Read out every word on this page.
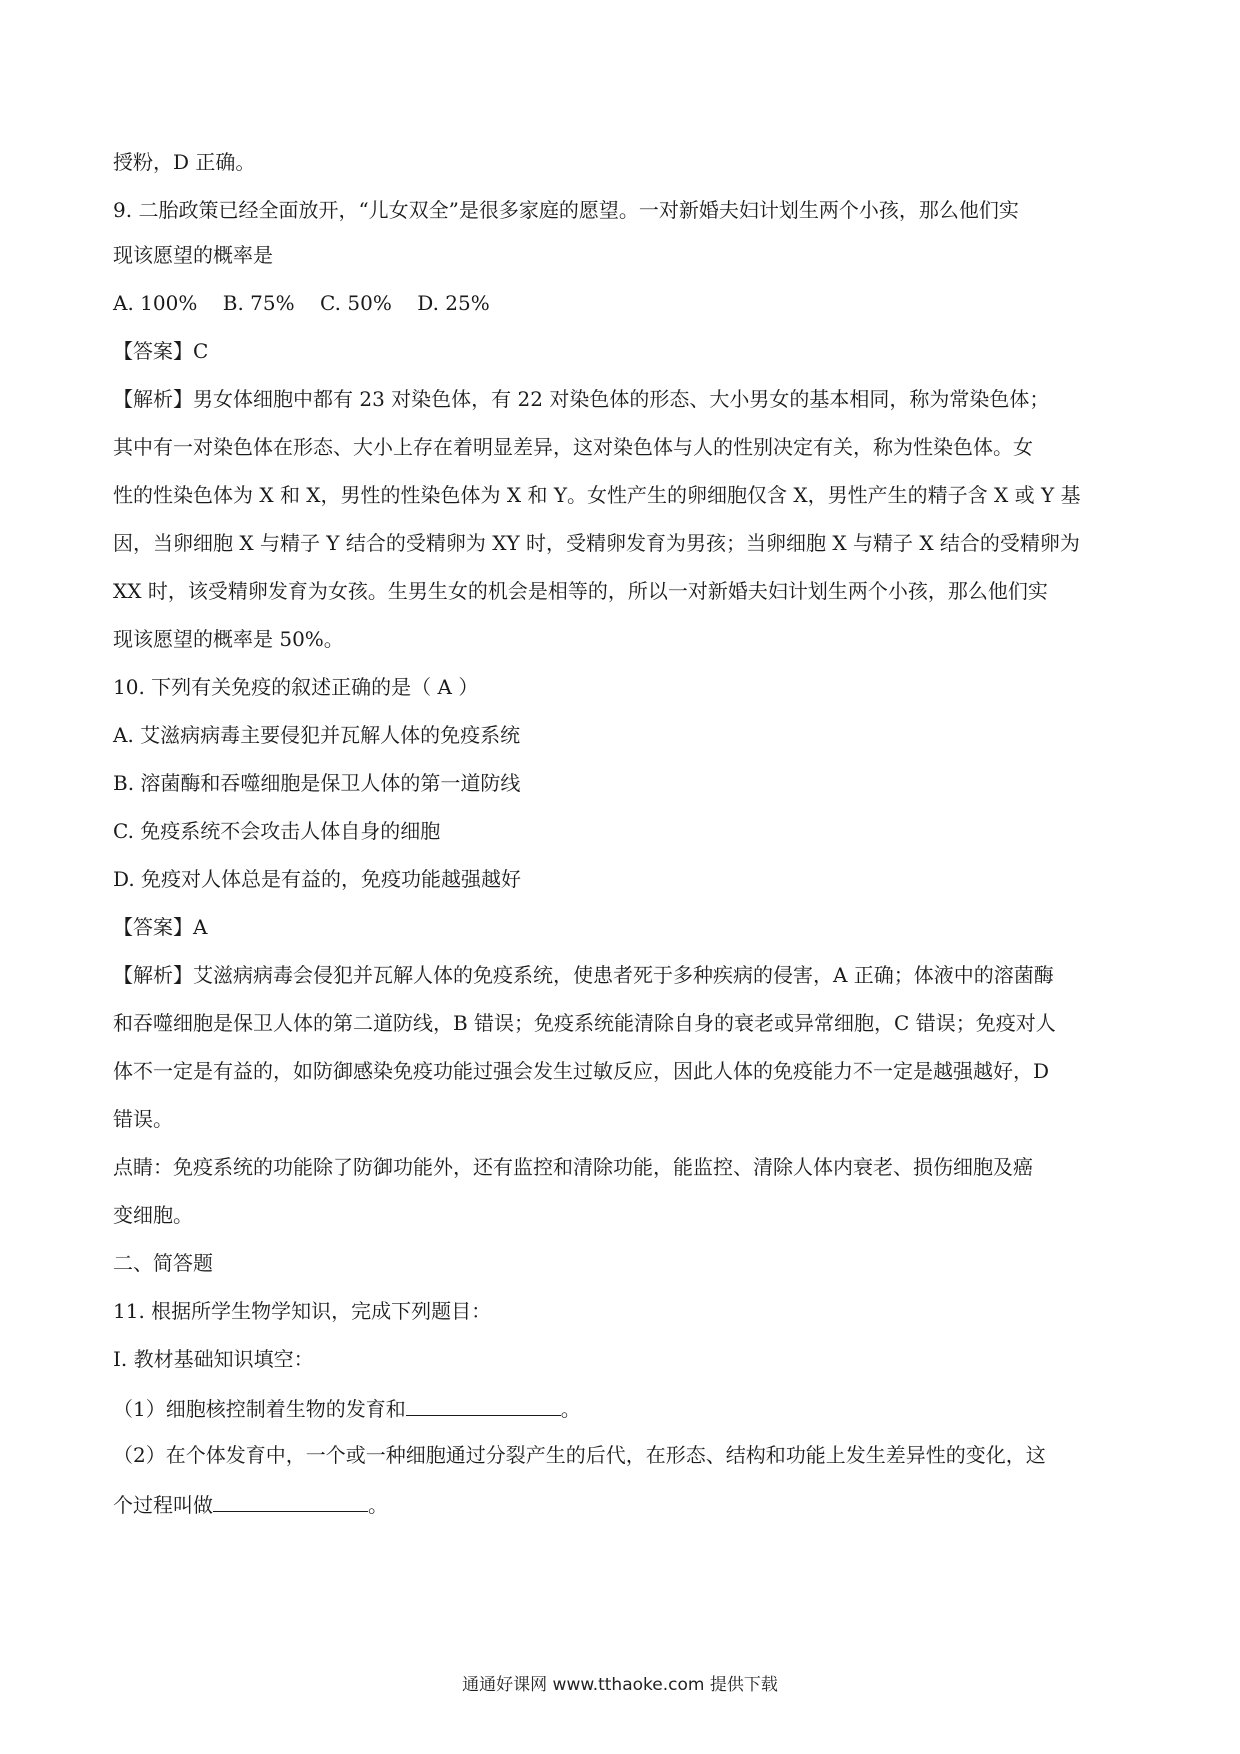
授粉，D 正确。

9. 二胎政策已经全面放开，“儿女双全”是很多家庭的愿望。一对新婚夫妇计划生两个小孩，那么他们实

现该愿望的概率是

A. 100%    B. 75%    C. 50%    D. 25%

【答案】C

【解析】男女体细胞中都有 23 对染色体，有 22 对染色体的形态、大小男女的基本相同，称为常染色体；

其中有一对染色体在形态、大小上存在着明显差异，这对染色体与人的性别决定有关，称为性染色体。女

性的性染色体为 X 和 X，男性的性染色体为 X 和 Y。女性产生的卵细胞仅含 X，男性产生的精子含 X 或 Y 基

因，当卵细胞 X 与精子 Y 结合的受精卵为 XY 时，受精卵发育为男孩；当卵细胞 X 与精子 X 结合的受精卵为

XX 时，该受精卵发育为女孩。生男生女的机会是相等的，所以一对新婚夫妇计划生两个小孩，那么他们实

现该愿望的概率是 50%。

10. 下列有关免疫的叙述正确的是（ A ）

A. 艾滋病病毒主要侵犯并瓦解人体的免疫系统

B. 溶菌酶和吞噬细胞是保卫人体的第一道防线

C. 免疫系统不会攻击人体自身的细胞

D. 免疫对人体总是有益的，免疫功能越强越好

【答案】A

【解析】艾滋病病毒会侵犯并瓦解人体的免疫系统，使患者死于多种疾病的侵害，A 正确；体液中的溶菌酶

和吞噬细胞是保卫人体的第二道防线，B 错误；免疫系统能清除自身的衰老或异常细胞，C 错误；免疫对人

体不一定是有益的，如防御感染免疫功能过强会发生过敏反应，因此人体的免疫能力不一定是越强越好，D

错误。

点睛：免疫系统的功能除了防御功能外，还有监控和清除功能，能监控、清除人体内衰老、损伤细胞及癌

变细胞。

二、简答题

11. 根据所学生物学知识，完成下列题目：

Ⅰ. 教材基础知识填空：

（1）细胞核控制着生物的发育和	。

（2）在个体发育中，一个或一种细胞通过分裂产生的后代，在形态、结构和功能上发生差异性的变化，这

个过程叫做	。

通通好课网 www.tthaoke.com 提供下载
